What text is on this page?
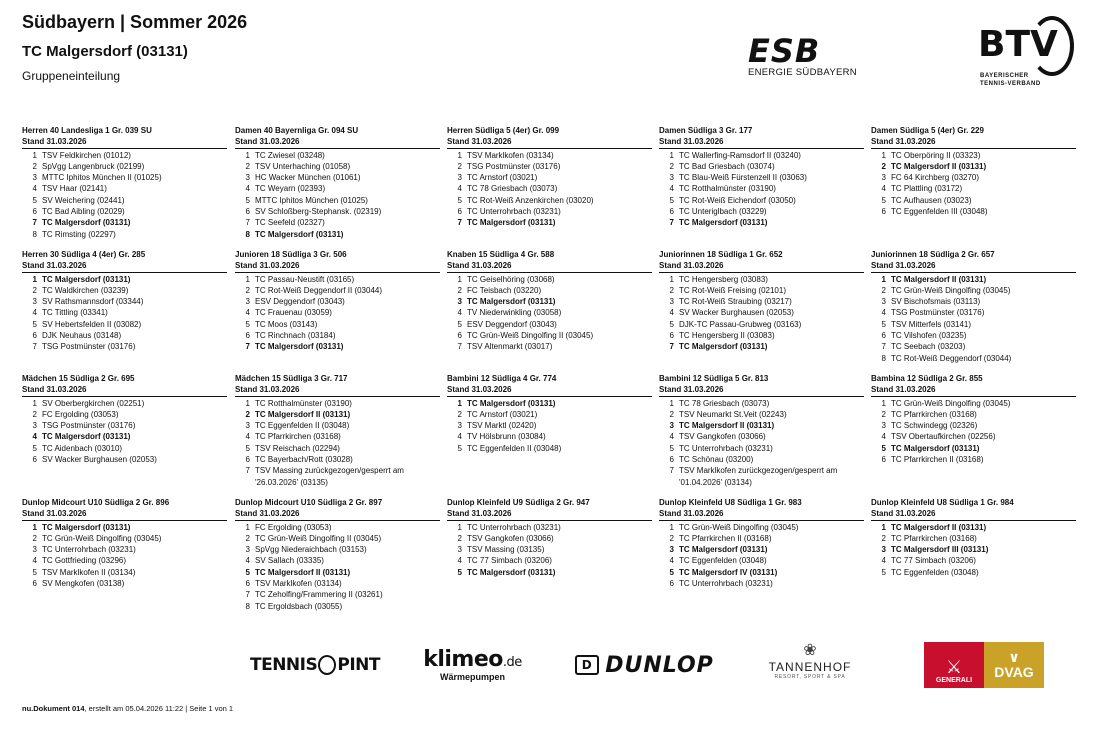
Südbayern | Sommer 2026
TC Malgersdorf (03131)
Gruppeneinteilung
ESB
ENERGIE SÜDBAYERN
BTV
BAYERISCHER
TENNIS-VERBAND
Herren 40 Landesliga 1 Gr. 039 SU
Stand 31.03.2026
1 TSV Feldkirchen (01012)
2 SpVgg Langenbruck (02199)
3 MTTC Iphitos München II (01025)
4 TSV Haar (02141)
5 SV Weichering (02441)
6 TC Bad Aibling (02029)
7 TC Malgersdorf (03131)
8 TC Rimsting (02297)
Damen 40 Bayernliga Gr. 094 SU
Stand 31.03.2026
1 TC Zwiesel (03248)
2 TSV Unterhaching (01058)
3 HC Wacker München (01061)
4 TC Weyarn (02393)
5 MTTC Iphitos München (01025)
6 SV Schloßberg-Stephansk. (02319)
7 TC Seefeld (02327)
8 TC Malgersdorf (03131)
Herren Südliga 5 (4er) Gr. 099
Stand 31.03.2026
1 TSV Marklkofen (03134)
2 TSG Postmünster (03176)
3 TC Arnstorf (03021)
4 TC 78 Griesbach (03073)
5 TC Rot-Weiß Anzenkirchen (03020)
6 TC Unterrohrbach (03231)
7 TC Malgersdorf (03131)
Damen Südliga 3 Gr. 177
Stand 31.03.2026
1 TC Wallerfing-Ramsdorf II (03240)
2 TC Bad Griesbach (03074)
3 TC Blau-Weiß Fürstenzell II (03063)
4 TC Rotthalmünster (03190)
5 TC Rot-Weiß Eichendorf (03050)
6 TC Unteriglbach (03229)
7 TC Malgersdorf (03131)
Damen Südliga 5 (4er) Gr. 229
Stand 31.03.2026
1 TC Oberpöring II (03323)
2 TC Malgersdorf II (03131)
3 FC 64 Kirchberg (03270)
4 TC Plattling (03172)
5 TC Aufhausen (03023)
6 TC Eggenfelden III (03048)
Herren 30 Südliga 4 (4er) Gr. 285
Stand 31.03.2026
1 TC Malgersdorf (03131)
2 TC Waldkirchen (03239)
3 SV Rathsmannsdorf (03344)
4 TC Tittling (03341)
5 SV Hebertsfelden II (03082)
6 DJK Neuhaus (03148)
7 TSG Postmünster (03176)
Junioren 18 Südliga 3 Gr. 506
Stand 31.03.2026
1 TC Passau-Neustift (03165)
2 TC Rot-Weiß Deggendorf II (03044)
3 ESV Deggendorf (03043)
4 TC Frauenau (03059)
5 TC Moos (03143)
6 TC Rinchnach (03184)
7 TC Malgersdorf (03131)
Knaben 15 Südliga 4 Gr. 588
Stand 31.03.2026
1 TC Geiselhöring (03068)
2 FC Teisbach (03220)
3 TC Malgersdorf (03131)
4 TV Niederwinkling (03058)
5 ESV Deggendorf (03043)
6 TC Grün-Weiß Dingolfing II (03045)
7 TSV Altenmarkt (03017)
Juniorinnen 18 Südliga 1 Gr. 652
Stand 31.03.2026
1 TC Hengersberg (03083)
2 TC Rot-Weiß Freising (02101)
3 TC Rot-Weiß Straubing (03217)
4 SV Wacker Burghausen (02053)
5 DJK-TC Passau-Grubweg (03163)
6 TC Hengersberg II (03083)
7 TC Malgersdorf (03131)
Juniorinnen 18 Südliga 2 Gr. 657
Stand 31.03.2026
1 TC Malgersdorf II (03131)
2 TC Grün-Weiß Dingolfing (03045)
3 SV Bischofsmais (03113)
4 TSG Postmünster (03176)
5 TSV Mitterfels (03141)
6 TC Vilshofen (03235)
7 TC Seebach (03203)
8 TC Rot-Weiß Deggendorf (03044)
Mädchen 15 Südliga 2 Gr. 695
Stand 31.03.2026
1 SV Oberbergkirchen (02251)
2 FC Ergolding (03053)
3 TSG Postmünster (03176)
4 TC Malgersdorf (03131)
5 TC Aidenbach (03010)
6 SV Wacker Burghausen (02053)
Mädchen 15 Südliga 3 Gr. 717
Stand 31.03.2026
1 TC Rotthalmünster (03190)
2 TC Malgersdorf II (03131)
3 TC Eggenfelden II (03048)
4 TC Pfarrkirchen (03168)
5 TSV Reischach (02294)
6 TC Bayerbach/Rott (03028)
7 TSV Massing zurückgezogen/gesperrt am
'26.03.2026' (03135)
Bambini 12 Südliga 4 Gr. 774
Stand 31.03.2026
1 TC Malgersdorf (03131)
2 TC Arnstorf (03021)
3 TSV Marktl (02420)
4 TV Hölsbrunn (03084)
5 TC Eggenfelden II (03048)
Bambini 12 Südliga 5 Gr. 813
Stand 31.03.2026
1 TC 78 Griesbach (03073)
2 TSV Neumarkt St.Veit (02243)
3 TC Malgersdorf II (03131)
4 TSV Gangkofen (03066)
5 TC Unterrohrbach (03231)
6 TC Schönau (03200)
7 TSV Marklkofen zurückgezogen/gesperrt am
'01.04.2026' (03134)
Bambina 12 Südliga 2 Gr. 855
Stand 31.03.2026
1 TC Grün-Weiß Dingolfing (03045)
2 TC Pfarrkirchen (03168)
3 TC Schwindegg (02326)
4 TSV Obertaufkirchen (02256)
5 TC Malgersdorf (03131)
6 TC Pfarrkirchen II (03168)
Dunlop Midcourt U10 Südliga 2 Gr. 896
Stand 31.03.2026
1 TC Malgersdorf (03131)
2 TC Grün-Weiß Dingolfing (03045)
3 TC Unterrohrbach (03231)
4 TC Gottfrieding (03296)
5 TSV Marklkofen II (03134)
6 SV Mengkofen (03138)
Dunlop Midcourt U10 Südliga 2 Gr. 897
Stand 31.03.2026
1 FC Ergolding (03053)
2 TC Grün-Weiß Dingolfing II (03045)
3 SpVgg Niederaichbach (03153)
4 SV Sallach (03335)
5 TC Malgersdorf II (03131)
6 TSV Marklkofen (03134)
7 TC Zeholfing/Frammering II (03261)
8 TC Ergoldsbach (03055)
Dunlop Kleinfeld U9 Südliga 2 Gr. 947
Stand 31.03.2026
1 TC Unterrohrbach (03231)
2 TSV Gangkofen (03066)
3 TSV Massing (03135)
4 TC 77 Simbach (03206)
5 TC Malgersdorf (03131)
Dunlop Kleinfeld U8 Südliga 1 Gr. 983
Stand 31.03.2026
1 TC Grün-Weiß Dingolfing (03045)
2 TC Pfarrkirchen II (03168)
3 TC Malgersdorf (03131)
4 TC Eggenfelden (03048)
5 TC Malgersdorf IV (03131)
6 TC Unterrohrbach (03231)
Dunlop Kleinfeld U8 Südliga 1 Gr. 984
Stand 31.03.2026
1 TC Malgersdorf II (03131)
2 TC Pfarrkirchen (03168)
3 TC Malgersdorf III (03131)
4 TC 77 Simbach (03206)
5 TC Eggenfelden (03048)
TENNIS P INT klimeo.de
Wärmepumpen
D DUNLOP
❀
TANNENHOF
RESORT, SPORT & SPA	⚔
GENERALI
∨
DVAG
nu.Dokument 014, erstellt am 05.04.2026 11:22 | Seite 1 von 1
